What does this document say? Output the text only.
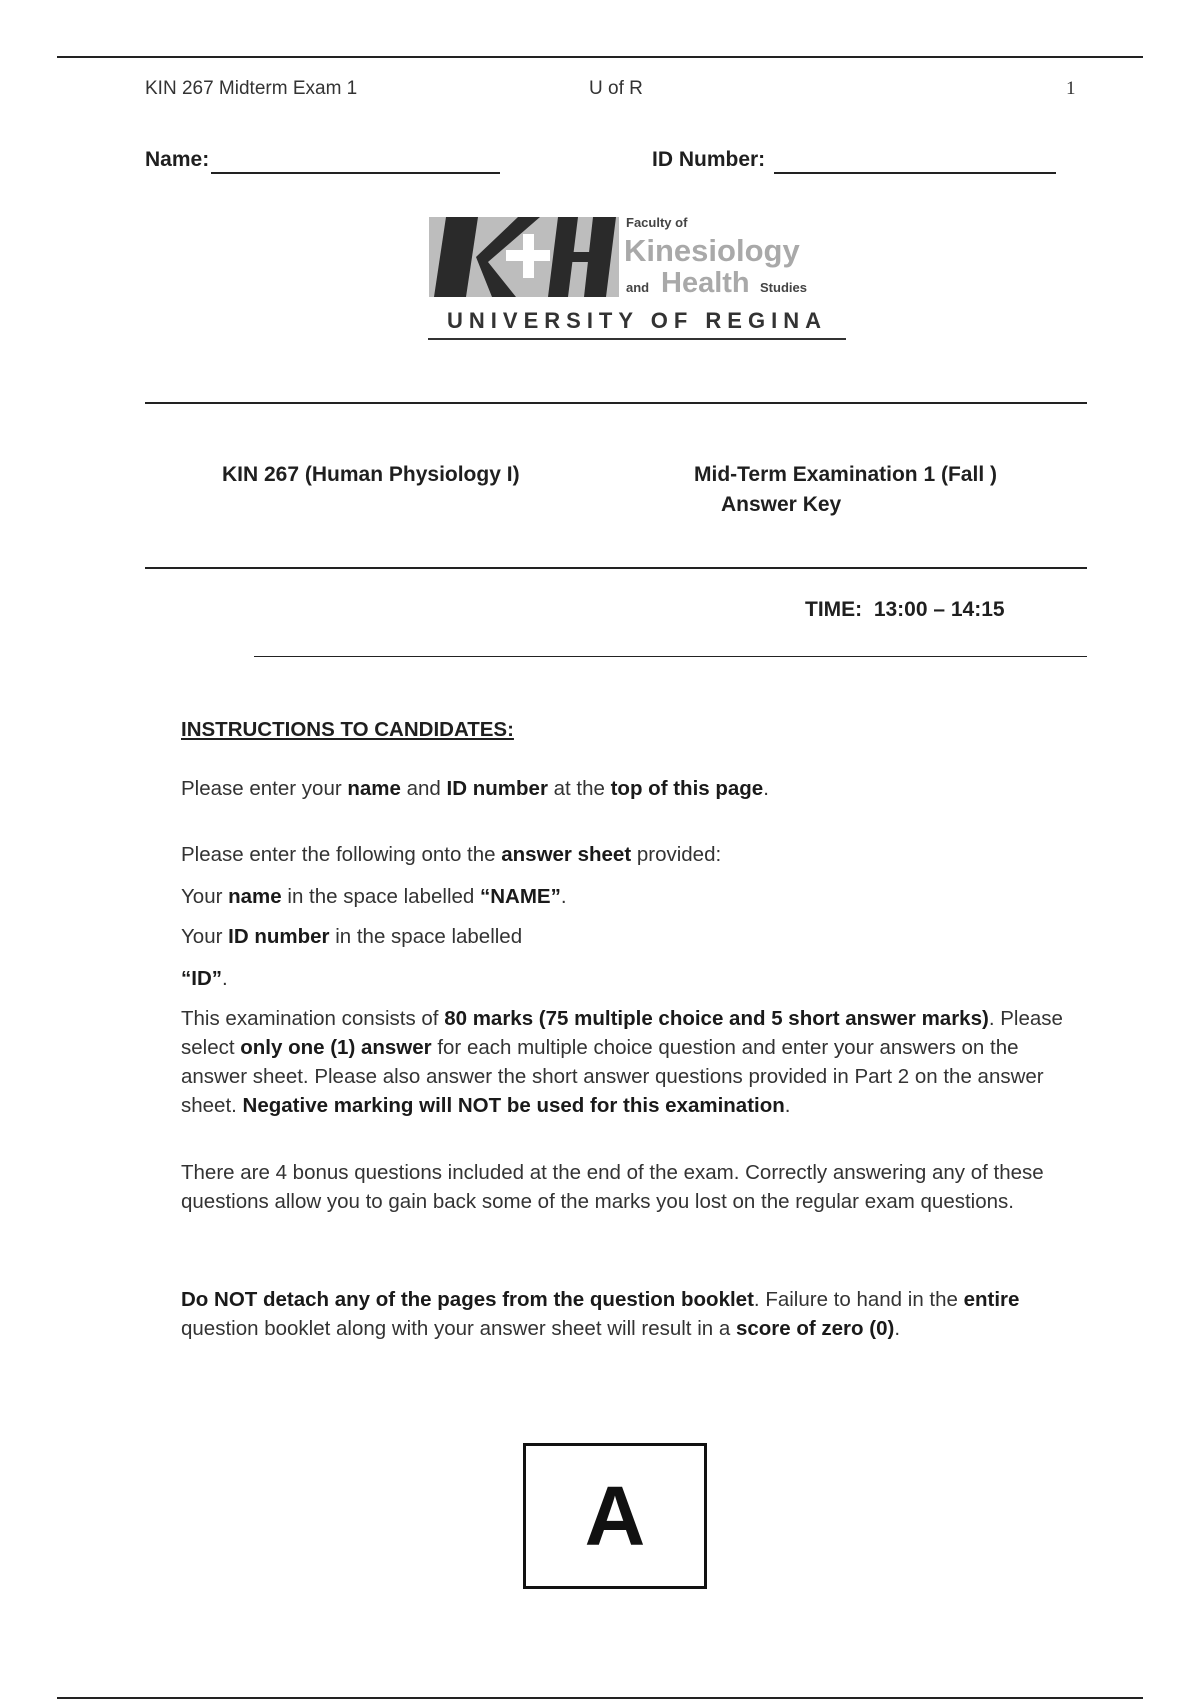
KIN 267 Midterm Exam 1	U of R	1
Name:	ID Number:
Faculty of
Kinesiology
and Health Studies
UNIVERSITY OF REGINA
KIN 267 (Human Physiology I)	Mid-Term Examination 1 (Fall )
Answer Key
TIME:  13:00 – 14:15
INSTRUCTIONS TO CANDIDATES:
Please enter your name and ID number at the top of this page.
Please enter the following onto the answer sheet provided:
Your name in the space labelled “NAME”.
Your ID number in the space labelled
“ID”.
This examination consists of 80 marks (75 multiple choice and 5 short answer marks). Please select only one (1) answer for each multiple choice question and enter your answers on the answer sheet. Please also answer the short answer questions provided in Part 2 on the answer sheet. Negative marking will NOT be used for this examination.
There are 4 bonus questions included at the end of the exam. Correctly answering any of these questions allow you to gain back some of the marks you lost on the regular exam questions.
Do NOT detach any of the pages from the question booklet. Failure to hand in the entire question booklet along with your answer sheet will result in a score of zero (0).
A
